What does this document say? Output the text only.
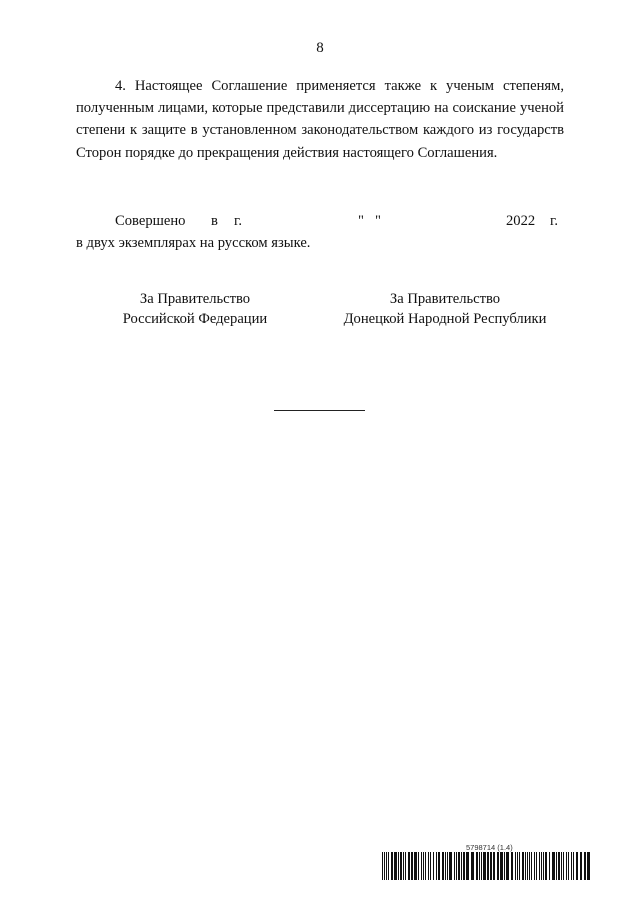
8

4. Настоящее Соглашение применяется также к ученым степеням, полученным лицами, которые представили диссертацию на соискание ученой степени к защите в установленном законодательством каждого из государств Сторон порядке до прекращения действия настоящего Соглашения.

Совершено в г.	" "	2022 г.
в двух экземплярах на русском языке.
За Правительство
Российской Федерации
За Правительство
Донецкой Народной Республики
5798714 (1.4)
